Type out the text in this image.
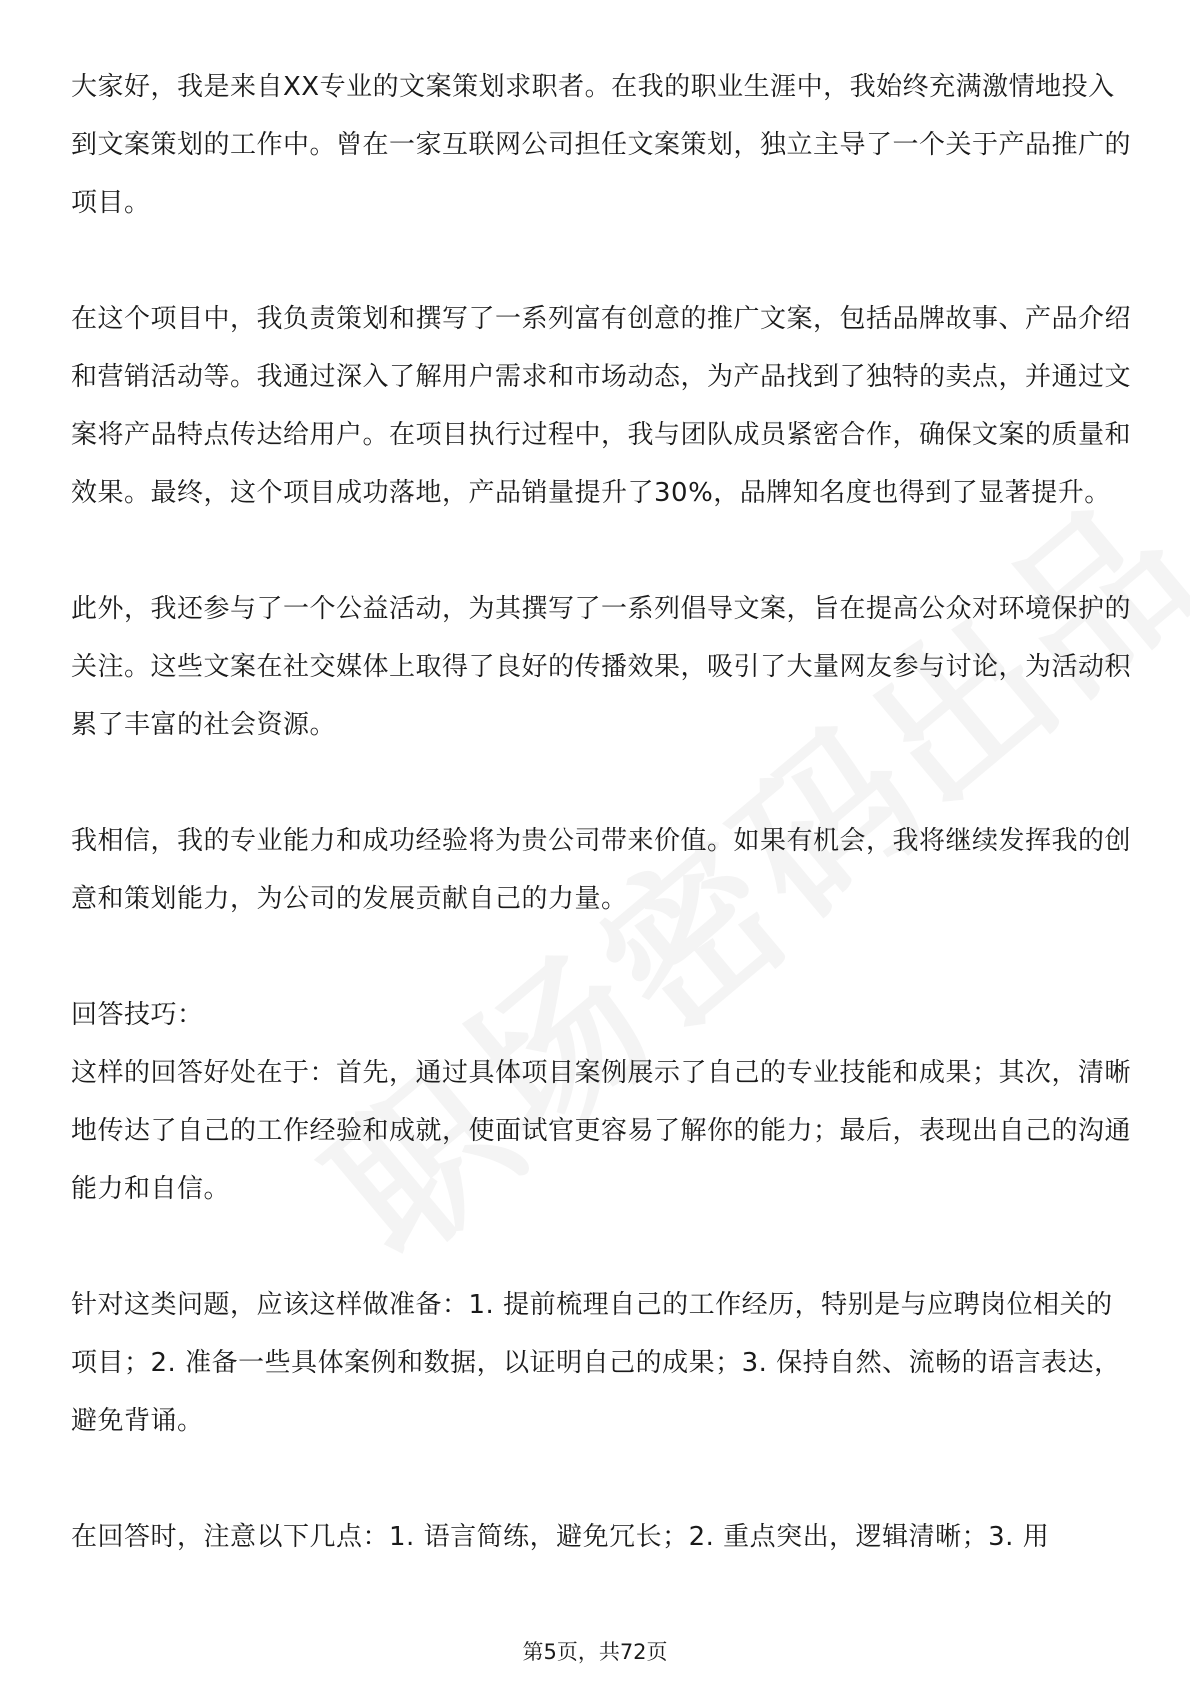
大家好，我是来自XX专业的文案策划求职者。在我的职业生涯中，我始终充满激情地投入到文案策划的工作中。曾在一家互联网公司担任文案策划，独立主导了一个关于产品推广的项目。

在这个项目中，我负责策划和撰写了一系列富有创意的推广文案，包括品牌故事、产品介绍和营销活动等。我通过深入了解用户需求和市场动态，为产品找到了独特的卖点，并通过文案将产品特点传达给用户。在项目执行过程中，我与团队成员紧密合作，确保文案的质量和效果。最终，这个项目成功落地，产品销量提升了30%，品牌知名度也得到了显著提升。

此外，我还参与了一个公益活动，为其撰写了一系列倡导文案，旨在提高公众对环境保护的关注。这些文案在社交媒体上取得了良好的传播效果，吸引了大量网友参与讨论，为活动积累了丰富的社会资源。

我相信，我的专业能力和成功经验将为贵公司带来价值。如果有机会，我将继续发挥我的创意和策划能力，为公司的发展贡献自己的力量。

回答技巧：

这样的回答好处在于：首先，通过具体项目案例展示了自己的专业技能和成果；其次，清晰地传达了自己的工作经验和成就，使面试官更容易了解你的能力；最后，表现出自己的沟通能力和自信。

针对这类问题，应该这样做准备：1. 提前梳理自己的工作经历，特别是与应聘岗位相关的项目；2. 准备一些具体案例和数据，以证明自己的成果；3. 保持自然、流畅的语言表达，避免背诵。

在回答时，注意以下几点：1. 语言简练，避免冗长；2. 重点突出，逻辑清晰；3. 用

第5页，共72页
